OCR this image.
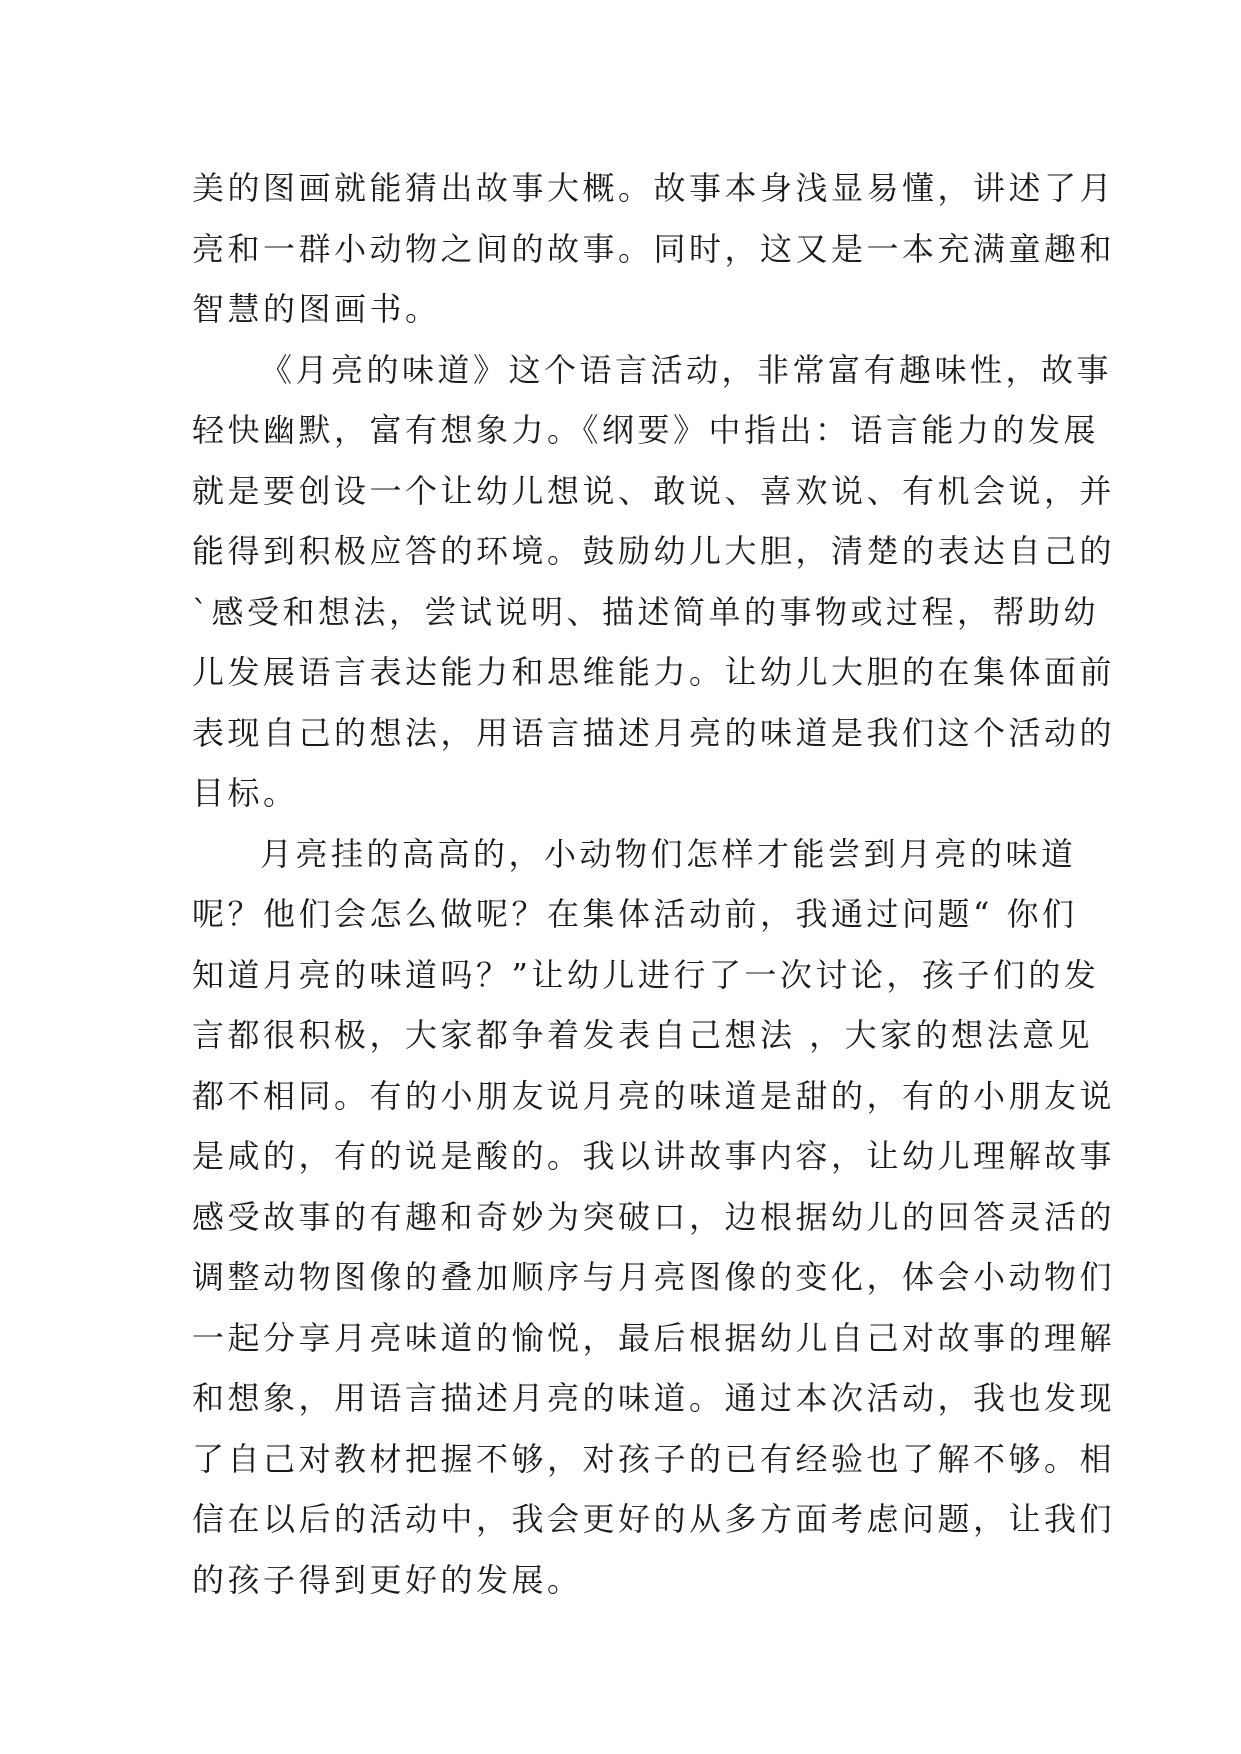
美的图画就能猜出故事大概。故事本身浅显易懂，讲述了月
亮和一群小动物之间的故事。同时，这又是一本充满童趣和
智慧的图画书。
《月亮的味道》这个语言活动，非常富有趣味性，故事
轻快幽默，富有想象力。《纲要》中指出：语言能力的发展
就是要创设一个让幼儿想说、敢说、喜欢说、有机会说，并
能得到积极应答的环境。鼓励幼儿大胆，清楚的表达自己的
`感受和想法，尝试说明、描述简单的事物或过程，帮助幼
儿发展语言表达能力和思维能力。让幼儿大胆的在集体面前
表现自己的想法，用语言描述月亮的味道是我们这个活动的
目标。
月亮挂的高高的，小动物们怎样才能尝到月亮的味道
呢？他们会怎么做呢？在集体活动前，我通过问题“ 你们
知道月亮的味道吗？”让幼儿进行了一次讨论，孩子们的发
言都很积极，大家都争着发表自己想法 ，大家的想法意见
都不相同。有的小朋友说月亮的味道是甜的，有的小朋友说
是咸的，有的说是酸的。我以讲故事内容，让幼儿理解故事
感受故事的有趣和奇妙为突破口，边根据幼儿的回答灵活的
调整动物图像的叠加顺序与月亮图像的变化，体会小动物们
一起分享月亮味道的愉悦，最后根据幼儿自己对故事的理解
和想象，用语言描述月亮的味道。通过本次活动，我也发现
了自己对教材把握不够，对孩子的已有经验也了解不够。相
信在以后的活动中，我会更好的从多方面考虑问题，让我们
的孩子得到更好的发展。
